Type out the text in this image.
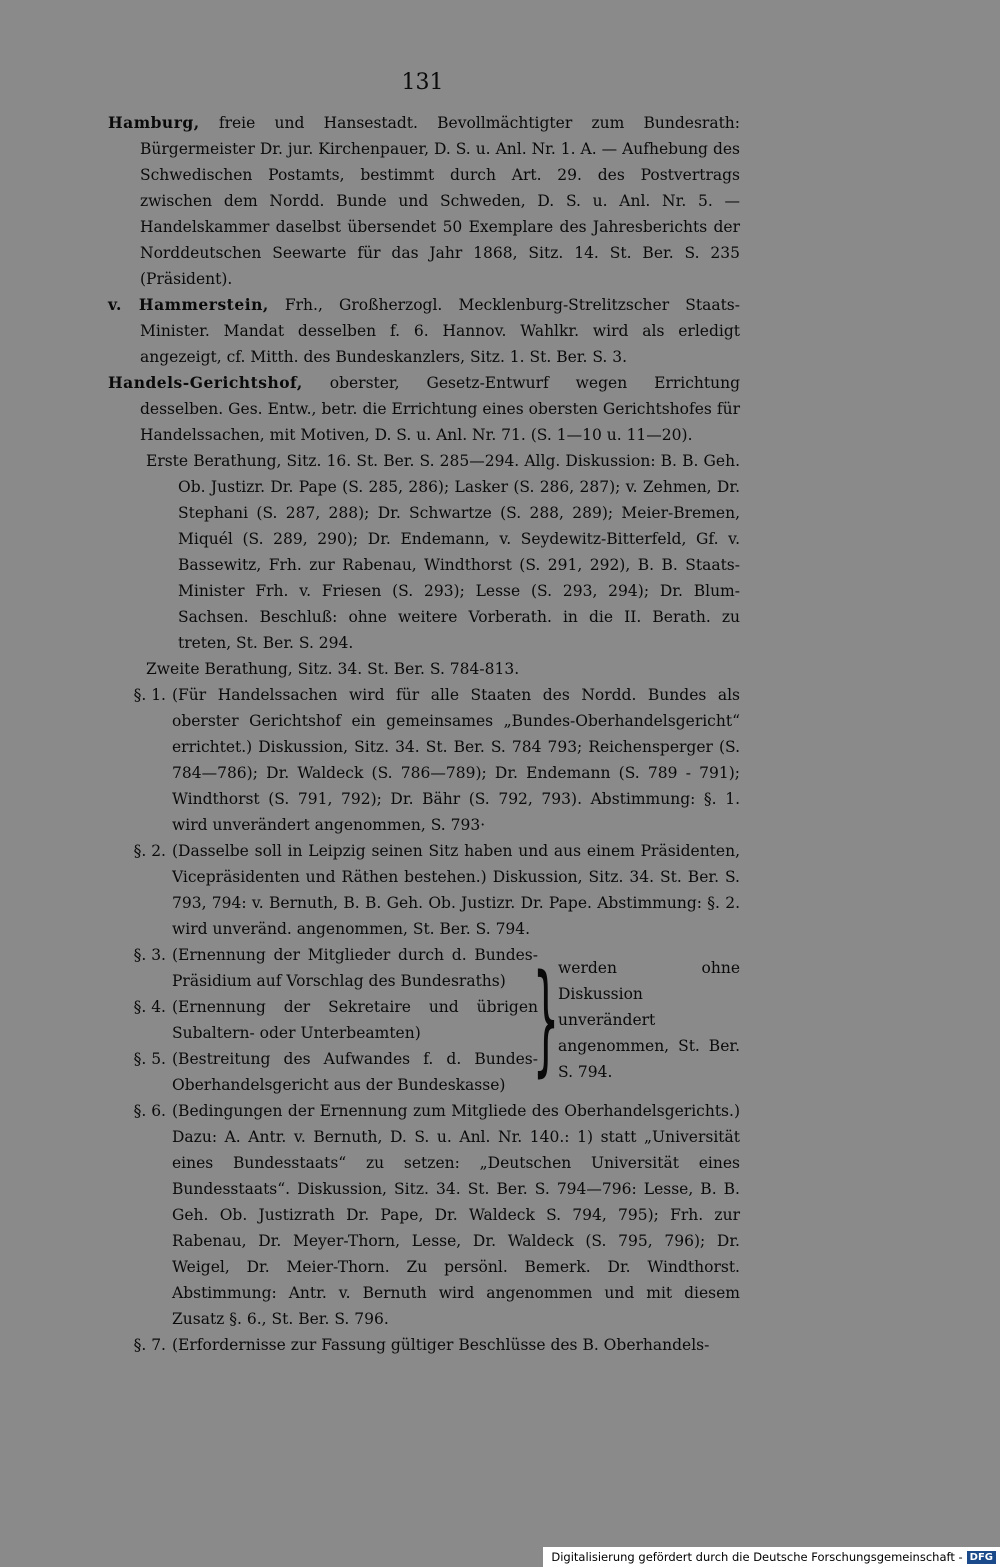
131

Hamburg, freie und Hansestadt. Bevollmächtigter zum Bundesrath: Bürgermeister Dr. jur. Kirchenpauer, D. S. u. Anl. Nr. 1. A. — Aufhebung des Schwedischen Postamts, bestimmt durch Art. 29. des Postvertrags zwischen dem Nordd. Bunde und Schweden, D. S. u. Anl. Nr. 5. — Handelskammer daselbst übersendet 50 Exemplare des Jahresberichts der Norddeutschen Seewarte für das Jahr 1868, Sitz. 14. St. Ber. S. 235 (Präsident).

v. Hammerstein, Frh., Großherzogl. Mecklenburg-Strelitzscher Staats-Minister. Mandat desselben f. 6. Hannov. Wahlkr. wird als erledigt angezeigt, cf. Mitth. des Bundeskanzlers, Sitz. 1. St. Ber. S. 3.

Handels-Gerichtshof, oberster, Gesetz-Entwurf wegen Errichtung desselben. Ges. Entw., betr. die Errichtung eines obersten Gerichtshofes für Handelssachen, mit Motiven, D. S. u. Anl. Nr. 71. (S. 1—10 u. 11—20).

Erste Berathung, Sitz. 16. St. Ber. S. 285—294. Allg. Diskussion: B. B. Geh. Ob. Justizr. Dr. Pape (S. 285, 286); Lasker (S. 286, 287); v. Zehmen, Dr. Stephani (S. 287, 288); Dr. Schwartze (S. 288, 289); Meier-Bremen, Miquél (S. 289, 290); Dr. Endemann, v. Seydewitz-Bitterfeld, Gf. v. Bassewitz, Frh. zur Rabenau, Windthorst (S. 291, 292), B. B. Staats-Minister Frh. v. Friesen (S. 293); Lesse (S. 293, 294); Dr. Blum-Sachsen. Beschluß: ohne weitere Vorberath. in die II. Berath. zu treten, St. Ber. S. 294.

Zweite Berathung, Sitz. 34. St. Ber. S. 784-813.

§. 1. (Für Handelssachen wird für alle Staaten des Nordd. Bundes als oberster Gerichtshof ein gemeinsames „Bundes-Oberhandelsgericht“ errichtet.) Diskussion, Sitz. 34. St. Ber. S. 784 793; Reichensperger (S. 784—786); Dr. Waldeck (S. 786—789); Dr. Endemann (S. 789 - 791); Windthorst (S. 791, 792); Dr. Bähr (S. 792, 793). Abstimmung: §. 1. wird unverändert angenommen, S. 793·
§. 2. (Dasselbe soll in Leipzig seinen Sitz haben und aus einem Präsidenten, Vicepräsidenten und Räthen bestehen.) Diskussion, Sitz. 34. St. Ber. S. 793, 794: v. Bernuth, B. B. Geh. Ob. Justizr. Dr. Pape. Abstimmung: §. 2. wird unveränd. angenommen, St. Ber. S. 794.
§. 3. (Ernennung der Mitglieder durch d. Bundes-Präsidium auf Vorschlag des Bundesraths)
§. 4. (Ernennung der Sekretaire und übrigen Subaltern- oder Unterbeamten)
§. 5. (Bestreitung des Aufwandes f. d. Bundes-Oberhandelsgericht aus der Bundeskasse) }
werden ohne Diskussion unverändert angenommen, St. Ber. S. 794.
§. 6. (Bedingungen der Ernennung zum Mitgliede des Oberhandelsgerichts.) Dazu: A. Antr. v. Bernuth, D. S. u. Anl. Nr. 140.: 1) statt „Universität eines Bundesstaats“ zu setzen: „Deutschen Universität eines Bundesstaats“. Diskussion, Sitz. 34. St. Ber. S. 794—796: Lesse, B. B. Geh. Ob. Justizrath Dr. Pape, Dr. Waldeck S. 794, 795); Frh. zur Rabenau, Dr. Meyer-Thorn, Lesse, Dr. Waldeck (S. 795, 796); Dr. Weigel, Dr. Meier-Thorn. Zu persönl. Bemerk. Dr. Windthorst. Abstimmung: Antr. v. Bernuth wird angenommen und mit diesem Zusatz §. 6., St. Ber. S. 796.
§. 7. (Erfordernisse zur Fassung gültiger Beschlüsse des B. Oberhandels-
Digitalisierung gefördert durch die Deutsche Forschungsgemeinschaft - DFG
